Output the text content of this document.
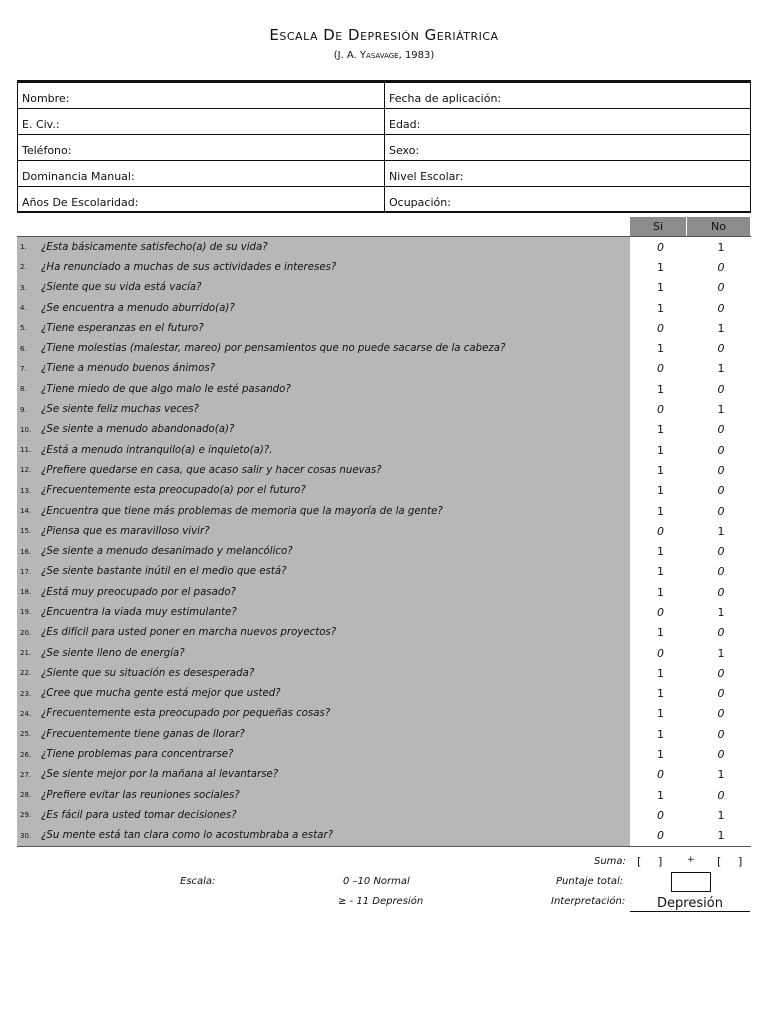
Escala De Depresión Geriátrica
(J. A. Yasavage, 1983)
Nombre:	Fecha de aplicación:
E. Civ.:	Edad:
Teléfono:	Sexo:
Dominancia Manual:	Nivel Escolar:
Años De Escolaridad:	Ocupación:
Si	No
1.	¿Esta básicamente satisfecho(a) de su vida?	0	1
2.	¿Ha renunciado a muchas de sus actividades e intereses?	1	0
3.	¿Siente que su vida está vacía?	1	0
4.	¿Se encuentra a menudo aburrido(a)?	1	0
5.	¿Tiene esperanzas en el futuro?	0	1
6.	¿Tiene molestias (malestar, mareo) por pensamientos que no puede sacarse de la cabeza?	1	0
7.	¿Tiene a menudo buenos ánimos?	0	1
8.	¿Tiene miedo de que algo malo le esté pasando?	1	0
9.	¿Se siente feliz muchas veces?	0	1
10. ¿Se siente a menudo abandonado(a)?	1	0
11. ¿Está a menudo intranquilo(a) e inquieto(a)?.	1	0
12. ¿Prefiere quedarse en casa, que acaso salir y hacer cosas nuevas?	1	0
13. ¿Frecuentemente esta preocupado(a) por el futuro?	1	0
14. ¿Encuentra que tiene más problemas de memoria que la mayoría de la gente?	1	0
15. ¿Piensa que es maravilloso vivir?	0	1
16. ¿Se siente a menudo desanimado y melancólico?	1	0
17. ¿Se siente bastante inútil en el medio que está?	1	0
18. ¿Está muy preocupado por el pasado?	1	0
19. ¿Encuentra la viada muy estimulante?	0	1
20. ¿Es difícil para usted poner en marcha nuevos proyectos?	1	0
21. ¿Se siente lleno de energía?	0	1
22. ¿Siente que su situación es desesperada?	1	0
23. ¿Cree que mucha gente está mejor que usted?	1	0
24. ¿Frecuentemente esta preocupado por pequeñas cosas?	1	0
25. ¿Frecuentemente tiene ganas de llorar?	1	0
26. ¿Tiene problemas para concentrarse?	1	0
27. ¿Se siente mejor por la mañana al levantarse?	0	1
28. ¿Prefiere evitar las reuniones sociales?	1	0
29. ¿Es fácil para usted tomar decisiones?	0	1
30. ¿Su mente está tan clara como lo acostumbraba a estar?	0	1
Suma: [ ]	+ [ ]
Escala:	0 –10 Normal	Puntaje total:
≥ - 11 Depresión	Interpretación:	Depresión
